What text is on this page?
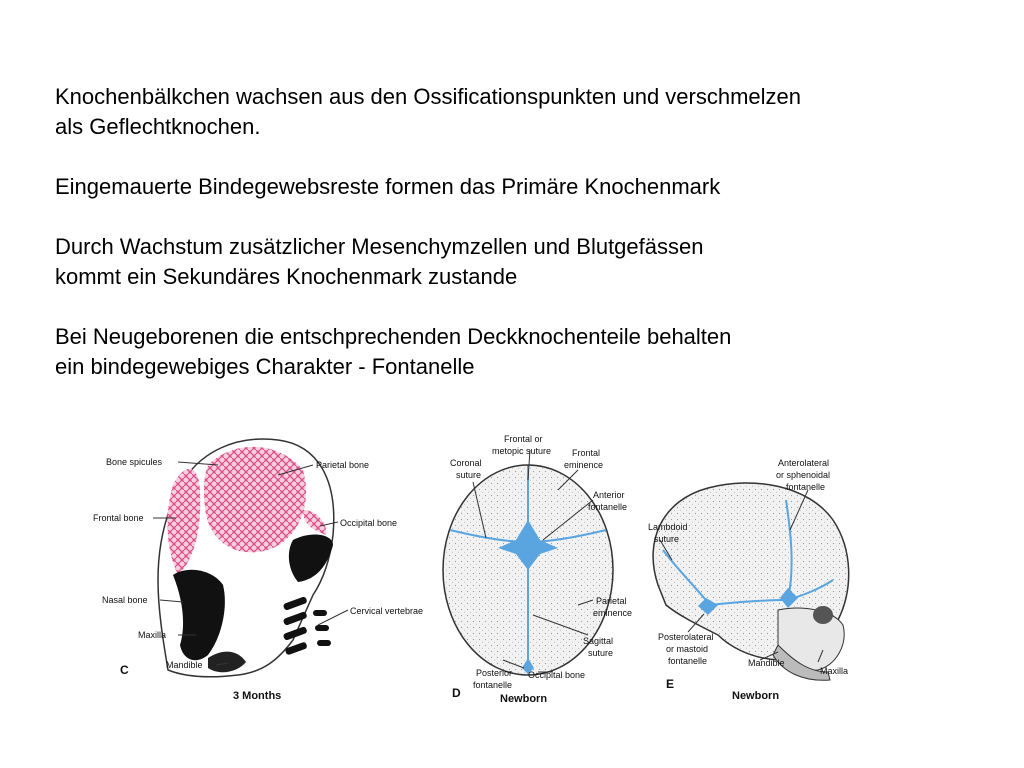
Knochenbälkchen wachsen aus den Ossificationspunkten und verschmelzen
als Geflechtknochen.

Eingemauerte Bindegewebsreste formen das Primäre Knochenmark

Durch Wachstum zusätzlicher Mesenchymzellen und Blutgefässen
kommt ein Sekundäres Knochenmark zustande

Bei Neugeborenen die entschprechenden Deckknochenteile behalten
ein bindegewebiges Charakter - Fontanelle

Bone spicules	Parietal bone
Frontal bone	Occipital bone
Nasal bone
Cervical vertebrae
Maxilla
Mandible
C
3 Months
Frontal or
metopic suture
Coronal
suture
Frontal
eminence
Anterior
fontanelle
Parietal
eminence
Sagittal
suture
Posterior
fontanelle
Occipital bone
D	Newborn
Anterolateral
or sphenoidal
fontanelle
Lambdoid
suture
Posterolateral
or mastoid
fontanelle	Mandible
Maxilla
E
Newborn
